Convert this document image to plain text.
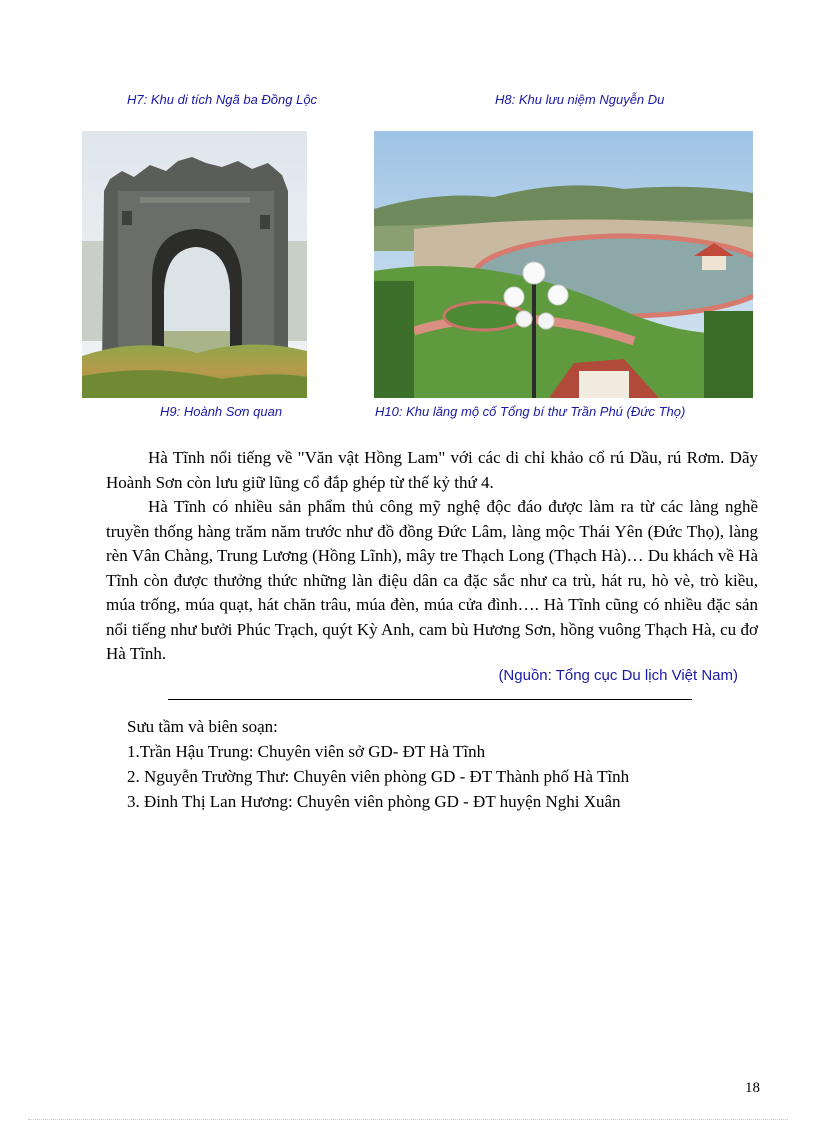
H7: Khu di tích Ngã ba Đồng Lộc	H8: Khu lưu niệm Nguyễn Du
H9: Hoành Sơn quan	H10: Khu lăng mộ cố Tổng bí thư Trần Phú (Đức Thọ)

Hà Tĩnh nổi tiếng về "Văn vật Hồng Lam" với các di chỉ khảo cổ rú Dầu, rú Rơm. Dãy Hoành Sơn còn lưu giữ lũng cổ đắp ghép từ thế kỷ thứ 4.

Hà Tĩnh có nhiều sản phẩm thủ công mỹ nghệ độc đáo được làm ra từ các làng nghề truyền thống hàng trăm năm trước như đồ đồng Đức Lâm, làng mộc Thái Yên (Đức Thọ), làng rèn Vân Chàng, Trung Lương (Hồng Lĩnh), mây tre Thạch Long (Thạch Hà)… Du khách về Hà Tĩnh còn được thưởng thức những làn điệu dân ca đặc sắc như ca trù, hát ru, hò vè, trò kiều, múa trống, múa quạt, hát chăn trâu, múa đèn, múa cửa đình…. Hà Tĩnh cũng có nhiều đặc sản nổi tiếng như bưởi Phúc Trạch, quýt Kỳ Anh, cam bù Hương Sơn, hồng vuông Thạch Hà, cu đơ Hà Tĩnh.

(Nguồn: Tổng cục Du lịch Việt Nam)
Sưu tầm và biên soạn:
1.Trần Hậu Trung: Chuyên viên sở GD- ĐT Hà Tĩnh
2. Nguyễn Trường Thư: Chuyên viên phòng GD - ĐT Thành phố Hà Tĩnh
3. Đinh Thị Lan Hương: Chuyên viên phòng GD - ĐT huyện Nghi Xuân
18
